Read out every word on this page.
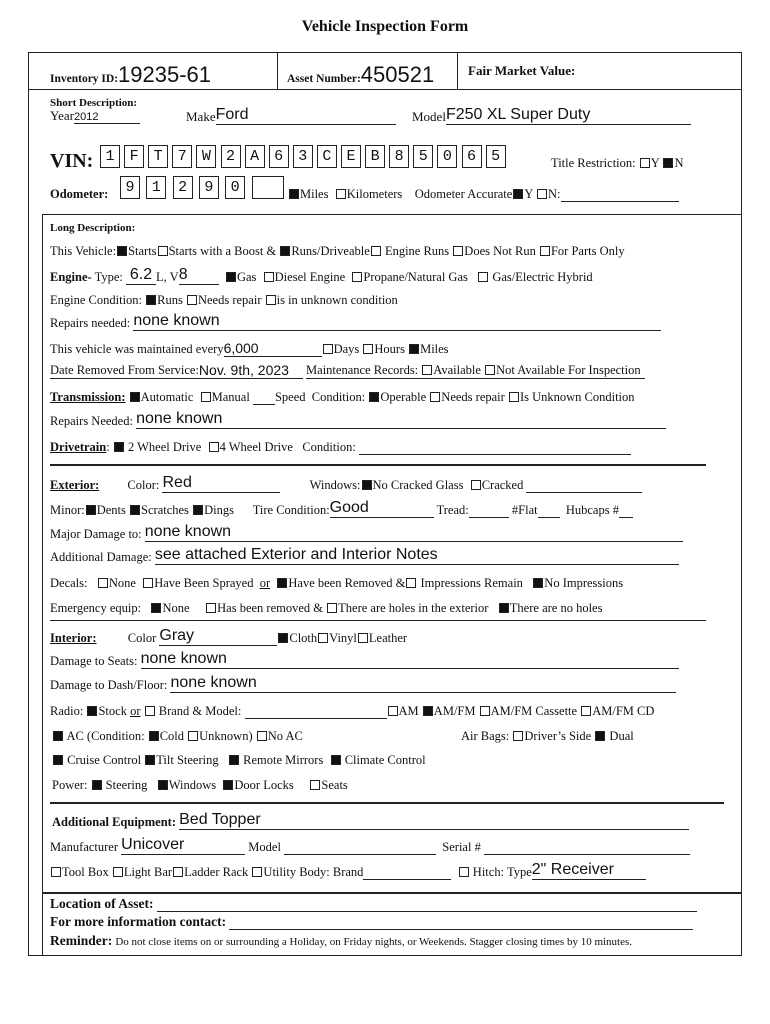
Vehicle Inspection Form
Inventory ID:19235-61	Asset Number:450521	Fair Market Value:
Short Description:
Year2012	MakeFord	ModelF250 XL Super Duty
VIN: 1	F	T	7	W	2	A	6	3	C	E	B	8	5	0	6	5	Title Restriction: Y N
Odometer:	9	1	2	9	0	Miles Kilometers Odometer Accurate Y N:
Long Description:
This Vehicle: Starts Starts with a Boost & Runs/Driveable Engine Runs Does Not Run For Parts Only
Engine- Type: 6.2 L, V8	Gas Diesel Engine Propane/Natural Gas Gas/Electric Hybrid
Engine Condition: Runs Needs repair is in unknown condition
Repairs needed: none known
This vehicle was maintained every6,000	Days Hours Miles
Date Removed From Service:Nov. 9th, 2023 Maintenance Records: Available Not Available For Inspection
Transmission: Automatic Manual Speed Condition: Operable Needs repair Is Unknown Condition
Repairs Needed: none known
Drivetrain:  2 Wheel Drive 4 Wheel Drive Condition:
Exterior: Color: Red	Windows: No Cracked Glass Cracked
Minor: Dents Scratches Dings Tire Condition:Good	Tread:	#Flat Hubcaps #
Major Damage to: none known
Additional Damage: see attached Exterior and Interior Notes
Decals: None Have Been Sprayed or Have been Removed & Impressions Remain No Impressions
Emergency equip: None Has been removed & There are holes in the exterior There are no holes
Interior:	Color Gray	Cloth Vinyl Leather
Damage to Seats: none known
Damage to Dash/Floor: none known
Radio: Stock or Brand & Model:	AM AM/FM AM/FM Cassette AM/FM CD
AC (Condition: Cold Unknown) No AC	Air Bags: Driver’s Side Dual
Cruise Control Tilt Steering Remote Mirrors Climate Control
Power: Steering Windows Door Locks Seats
Additional Equipment: Bed Topper
Manufacturer Unicover	Model	Serial #
Tool Box Light Bar Ladder Rack Utility Body: Brand	Hitch: Type2" Receiver
Location of Asset:
For more information contact:
Reminder: Do not close items on or surrounding a Holiday, on Friday nights, or Weekends. Stagger closing times by 10 minutes.
